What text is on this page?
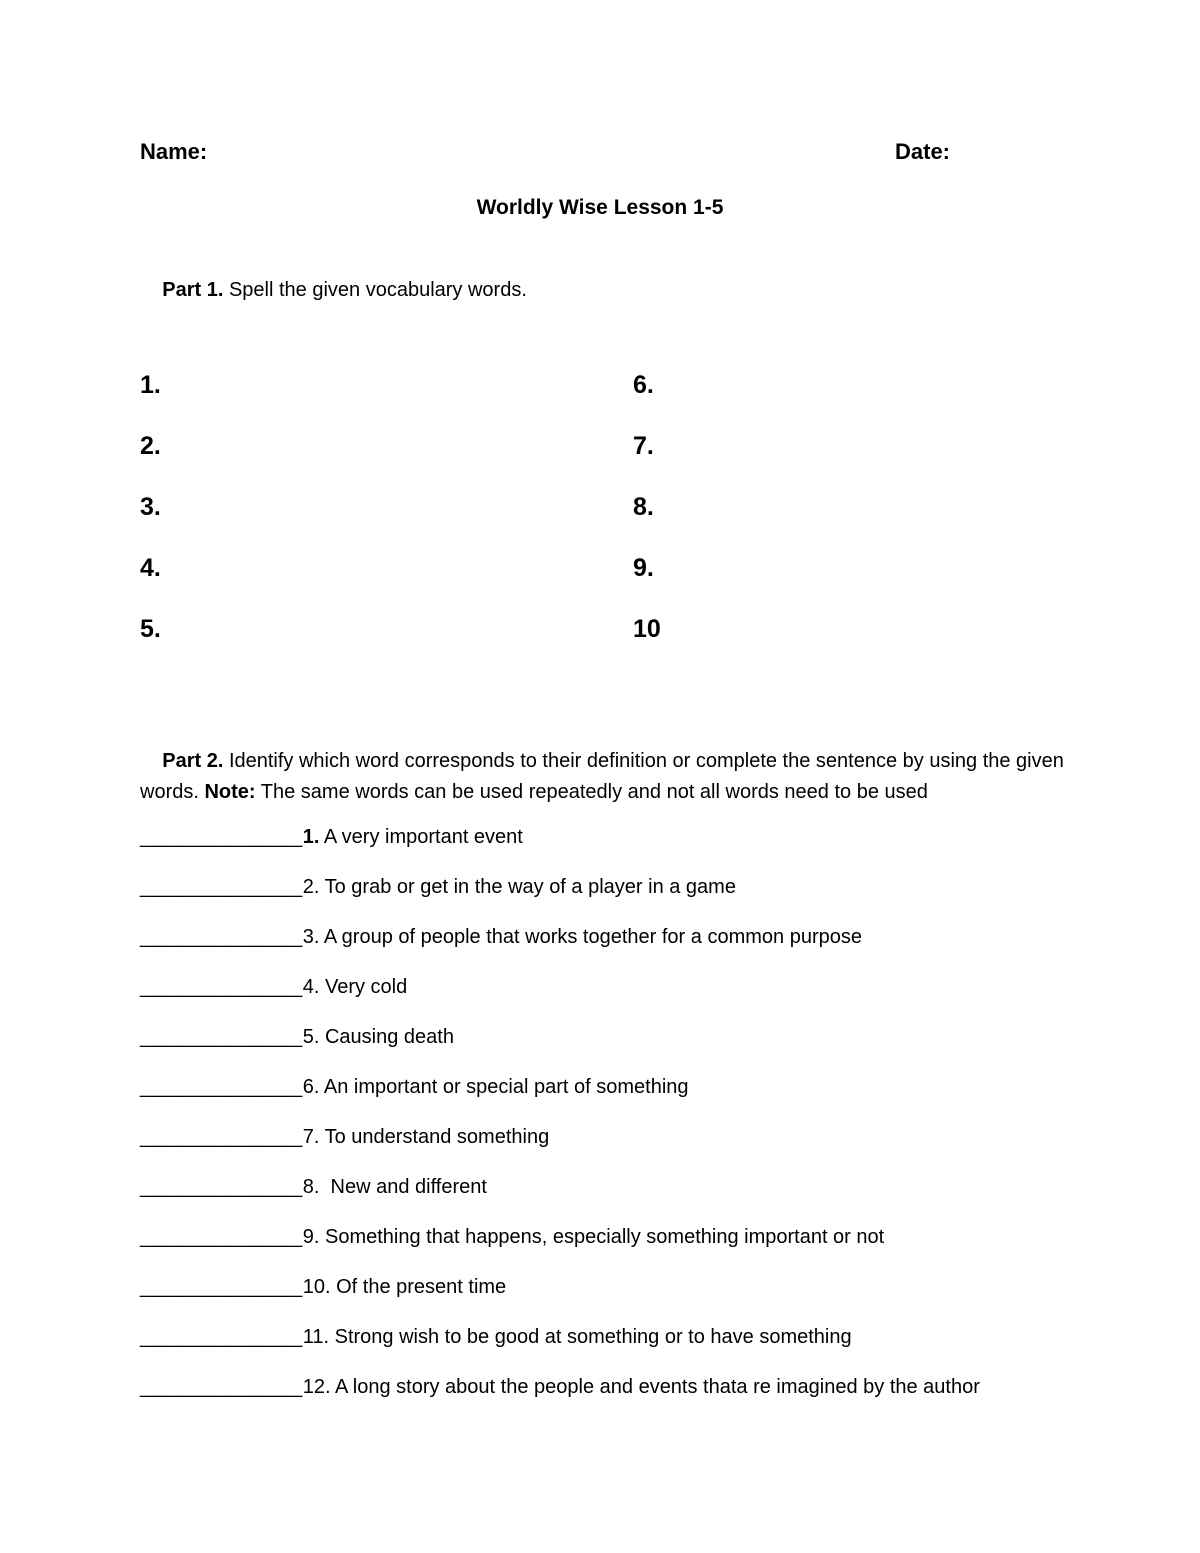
Name:	Date:
Worldly Wise Lesson 1-5

Part 1. Spell the given vocabulary words.

1.
2.
3.
4.
5.
6.
7.
8.
9.
10

Part 2. Identify which word corresponds to their definition or complete the sentence by using the given words. Note: The same words can be used repeatedly and not all words need to be used

______________1. A very important event
______________2. To grab or get in the way of a player in a game
______________3. A group of people that works together for a common purpose
______________4. Very cold
______________5. Causing death
______________6. An important or special part of something
______________7. To understand something
______________8.  New and different
______________9. Something that happens, especially something important or not
______________10. Of the present time
______________11. Strong wish to be good at something or to have something
______________12. A long story about the people and events thata re imagined by the author
